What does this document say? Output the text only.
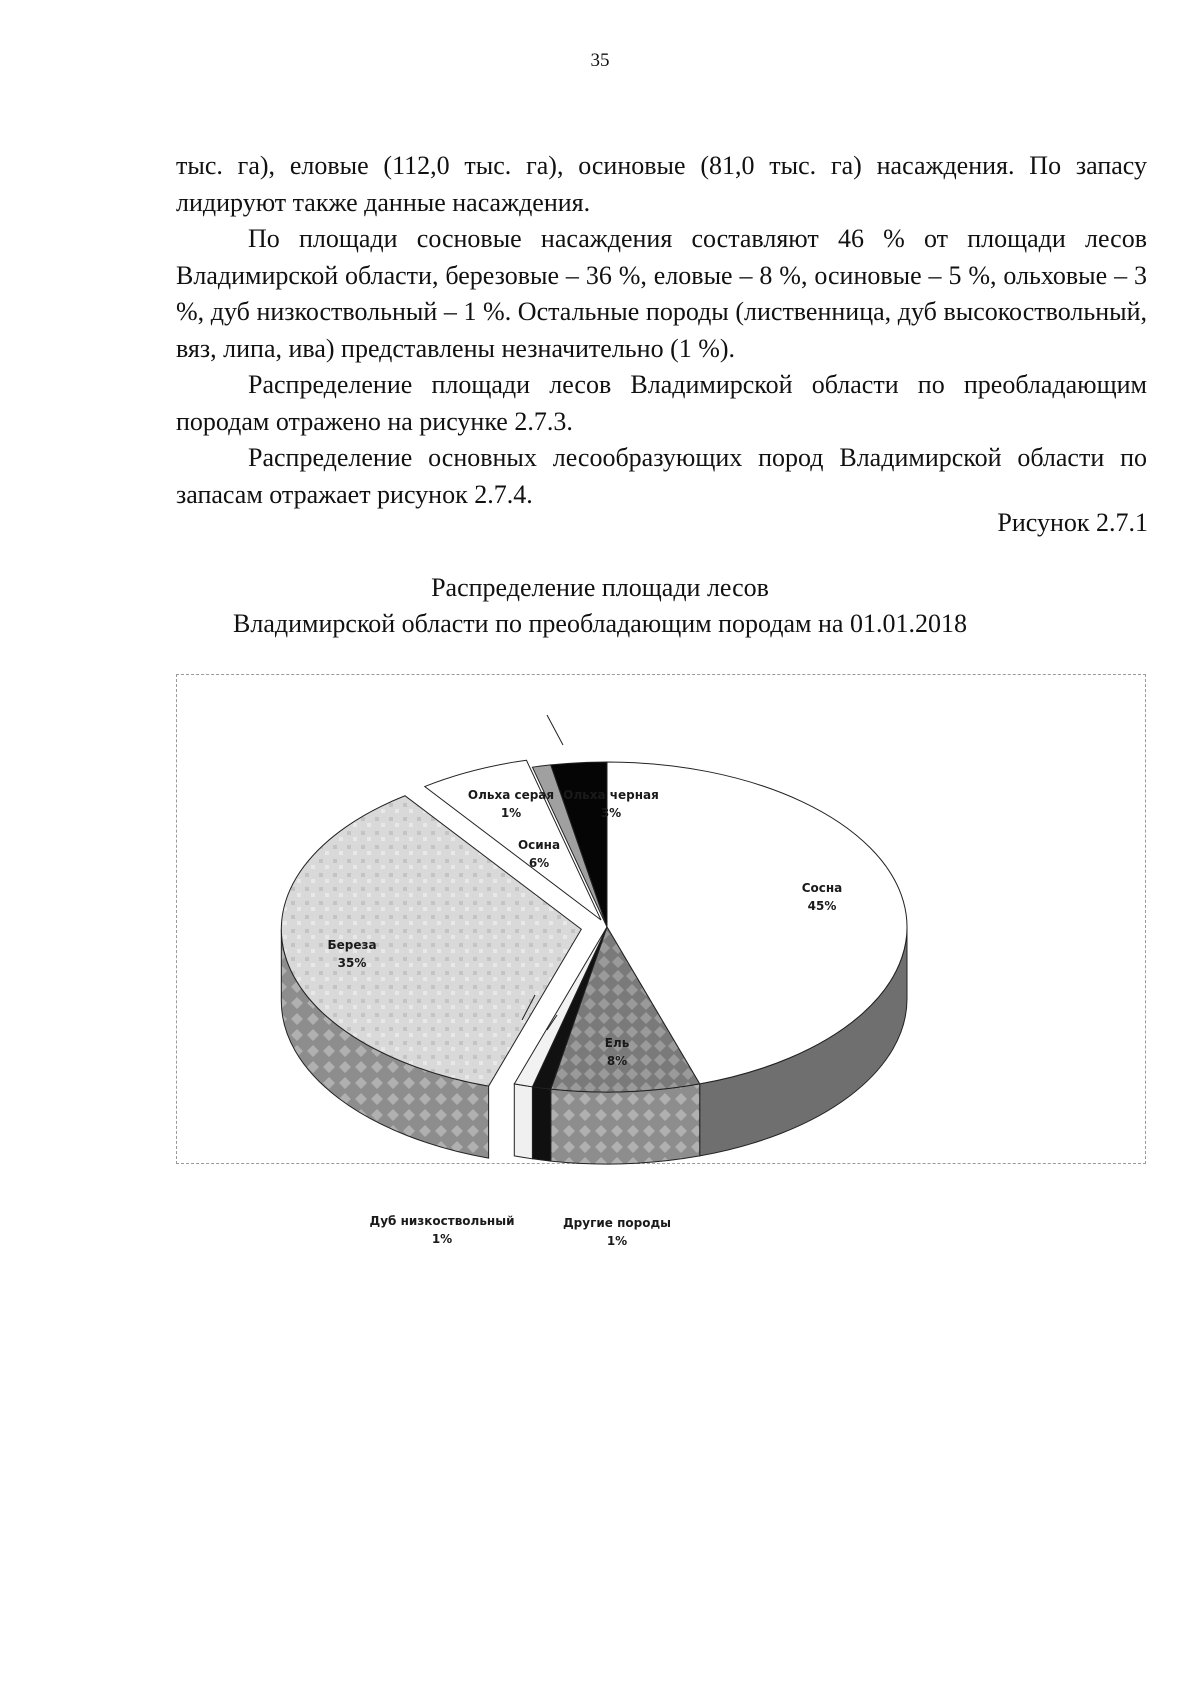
35

тыс. га), еловые (112,0 тыс. га), осиновые (81,0 тыс. га) насаждения. По запасу лидируют также данные насаждения.

По площади сосновые насаждения составляют 46 % от площади лесов Владимирской области, березовые – 36 %, еловые – 8 %, осиновые – 5 %, ольховые – 3 %, дуб низкоствольный – 1 %. Остальные породы (лиственница, дуб высокоствольный, вяз, липа, ива) представлены незначительно (1 %).

Распределение площади лесов Владимирской области по преобладающим породам отражено на рисунке 2.7.3.

Распределение основных лесообразующих пород Владимирской области по запасам отражает рисунок 2.7.4.

Рисунок 2.7.1
Распределение площади лесов
Владимирской области по преобладающим породам на 01.01.2018
Сосна
45%
Ель
8%
Другие породы
1%
Дуб низкоствольный
1%
Береза
35%
Осина
6%
Ольха серая
1%
Ольха черная
3%
